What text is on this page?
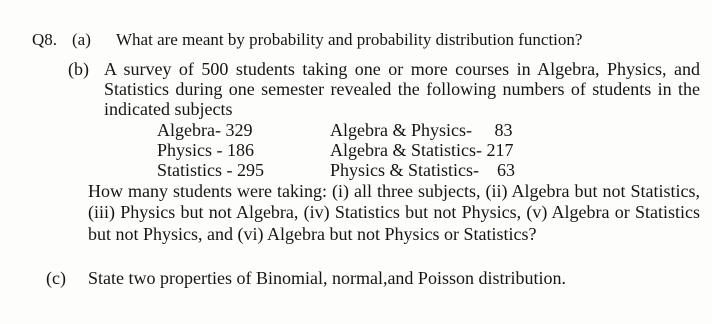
Q8. (a) What are meant by probability and probability distribution function?
(b) A survey of 500 students taking one or more courses in Algebra, Physics, and
Statistics during one semester revealed the following numbers of students in the
indicated subjects
Algebra- 329
Physics - 186
Statistics - 295
Algebra & Physics-     83
Algebra & Statistics- 217
Physics & Statistics-    63
How many students were taking: (i) all three subjects, (ii) Algebra but not Statistics,
(iii) Physics but not Algebra, (iv) Statistics but not Physics, (v) Algebra or Statistics
but not Physics, and (vi) Algebra but not Physics or Statistics?
(c) State two properties of Binomial, normal,and Poisson distribution.
